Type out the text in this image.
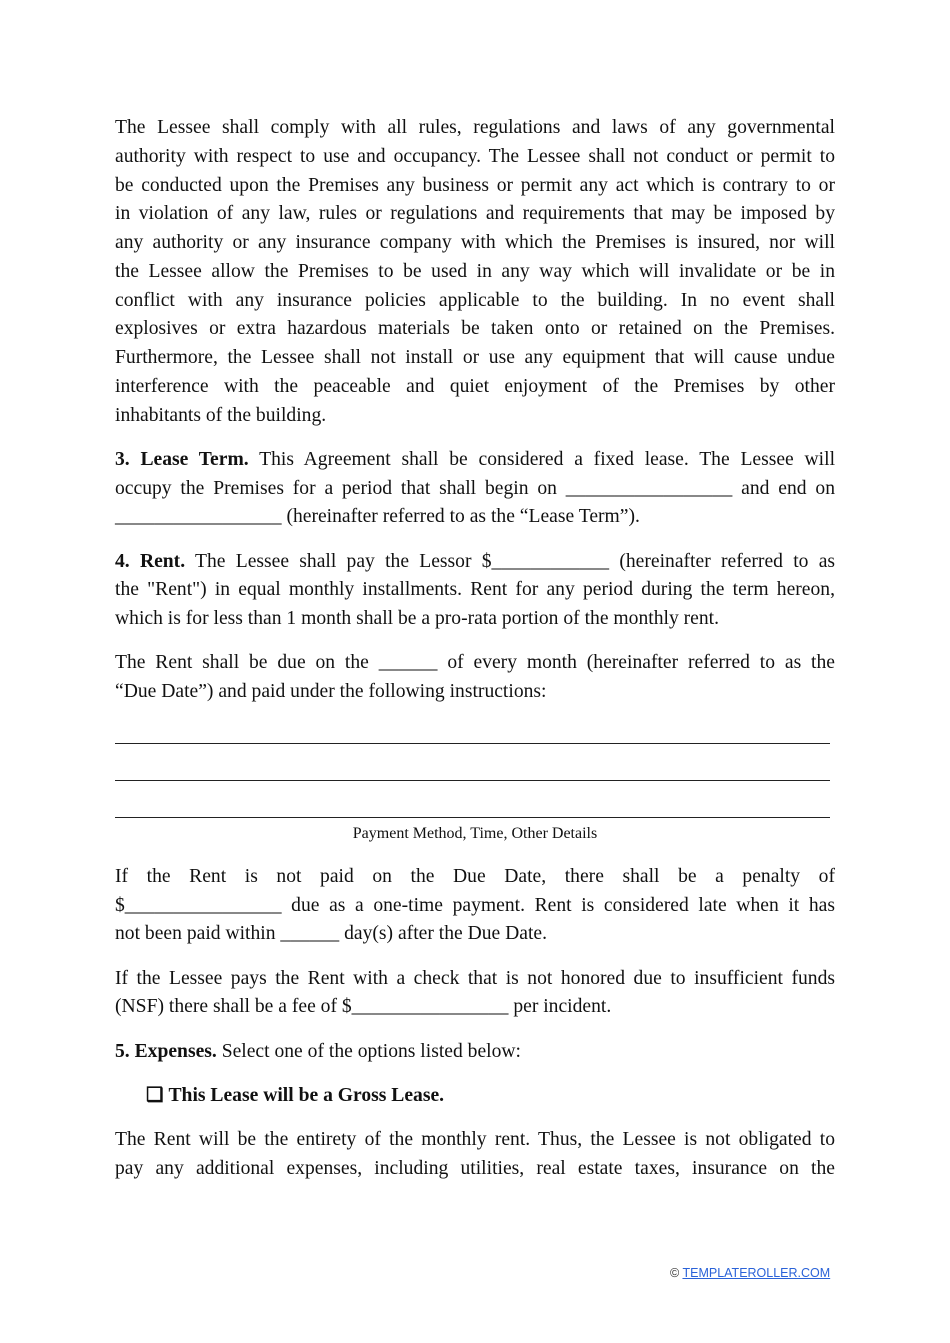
The Lessee shall comply with all rules, regulations and laws of any governmental
authority with respect to use and occupancy. The Lessee shall not conduct or permit to
be conducted upon the Premises any business or permit any act which is contrary to or
in violation of any law, rules or regulations and requirements that may be imposed by
any authority or any insurance company with which the Premises is insured, nor will
the Lessee allow the Premises to be used in any way which will invalidate or be in
conflict with any insurance policies applicable to the building. In no event shall
explosives or extra hazardous materials be taken onto or retained on the Premises.
Furthermore, the Lessee shall not install or use any equipment that will cause undue
interference with the peaceable and quiet enjoyment of the Premises by other
inhabitants of the building.
3. Lease Term. This Agreement shall be considered a fixed lease. The Lessee will
occupy the Premises for a period that shall begin on _________________ and end on
_________________ (hereinafter referred to as the “Lease Term”).
4. Rent. The Lessee shall pay the Lessor $____________ (hereinafter referred to as
the "Rent") in equal monthly installments. Rent for any period during the term hereon,
which is for less than 1 month shall be a pro-rata portion of the monthly rent.
The Rent shall be due on the ______ of every month (hereinafter referred to as the
“Due Date”) and paid under the following instructions:
Payment Method, Time, Other Details
If the Rent is not paid on the Due Date, there shall be a penalty of
$________________ due as a one-time payment. Rent is considered late when it has
not been paid within ______ day(s) after the Due Date.
If the Lessee pays the Rent with a check that is not honored due to insufficient funds
(NSF) there shall be a fee of $________________ per incident.
5. Expenses. Select one of the options listed below:
❑ This Lease will be a Gross Lease.
The Rent will be the entirety of the monthly rent. Thus, the Lessee is not obligated to
pay any additional expenses, including utilities, real estate taxes, insurance on the
© TEMPLATEROLLER.COM
